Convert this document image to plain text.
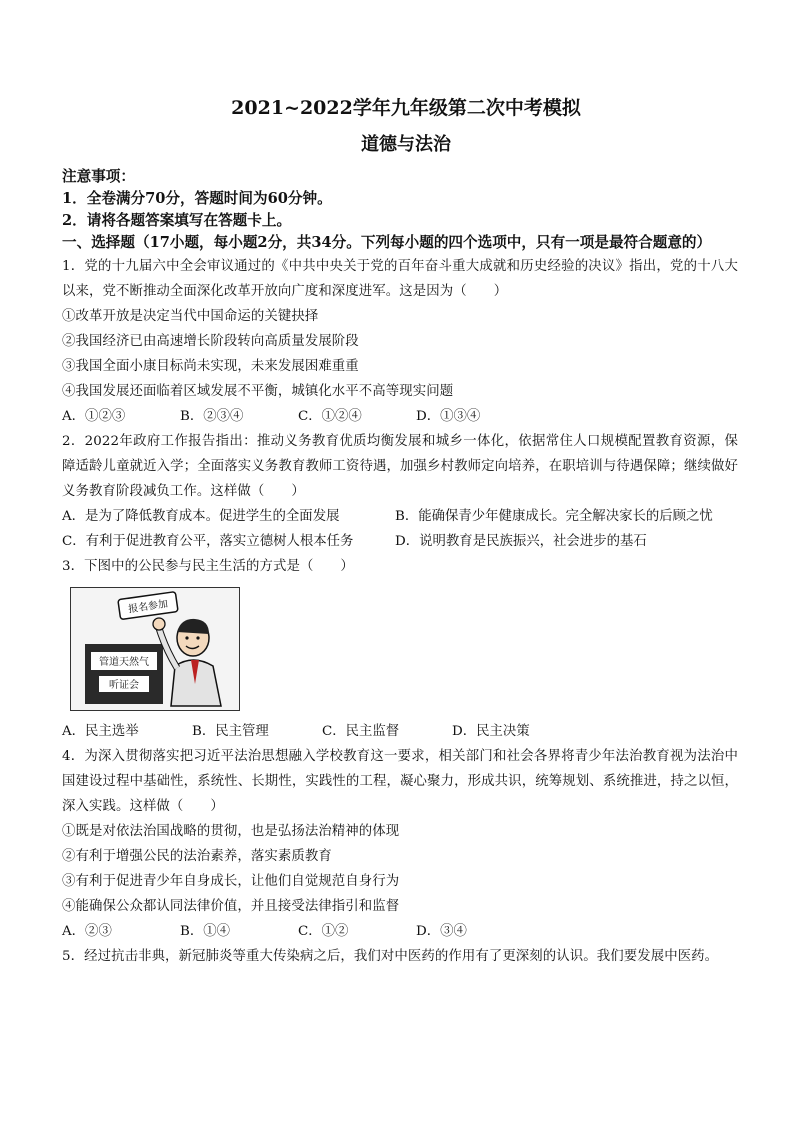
2021~2022学年九年级第二次中考模拟
道德与法治
注意事项：
1．全卷满分70分，答题时间为60分钟。
2．请将各题答案填写在答题卡上。
一、选择题（17小题，每小题2分，共34分。下列每小题的四个选项中，只有一项是最符合题意的）
1．党的十九届六中全会审议通过的《中共中央关于党的百年奋斗重大成就和历史经验的决议》指出，党的十八大以来，党不断推动全面深化改革开放向广度和深度进军。这是因为（　　）
①改革开放是决定当代中国命运的关键抉择
②我国经济已由高速增长阶段转向高质量发展阶段
③我国全面小康目标尚未实现，未来发展困难重重
④我国发展还面临着区域发展不平衡，城镇化水平不高等现实问题
A．①②③	B．②③④	C．①②④	D．①③④
2．2022年政府工作报告指出：推动义务教育优质均衡发展和城乡一体化，依据常住人口规模配置教育资源，保障适龄儿童就近入学；全面落实义务教育教师工资待遇，加强乡村教师定向培养，在职培训与待遇保障；继续做好义务教育阶段减负工作。这样做（　　）
A．是为了降低教育成本。促进学生的全面发展	B．能确保青少年健康成长。完全解决家长的后顾之忧
C．有利于促进教育公平，落实立德树人根本任务	D．说明教育是民族振兴，社会进步的基石
3．下图中的公民参与民主生活的方式是（　　）
管道天然气
听证会
报名参加
A．民主选举	B．民主管理	C．民主监督	D．民主决策
4．为深入贯彻落实把习近平法治思想融入学校教育这一要求，相关部门和社会各界将青少年法治教育视为法治中国建设过程中基础性，系统性、长期性，实践性的工程，凝心聚力，形成共识，统筹规划、系统推进，持之以恒，深入实践。这样做（　　）
①既是对依法治国战略的贯彻，也是弘扬法治精神的体现
②有利于增强公民的法治素养，落实素质教育
③有利于促进青少年自身成长，让他们自觉规范自身行为
④能确保公众都认同法律价值，并且接受法律指引和监督
A．②③	B．①④	C．①②	D．③④
5．经过抗击非典，新冠肺炎等重大传染病之后，我们对中医药的作用有了更深刻的认识。我们要发展中医药。
